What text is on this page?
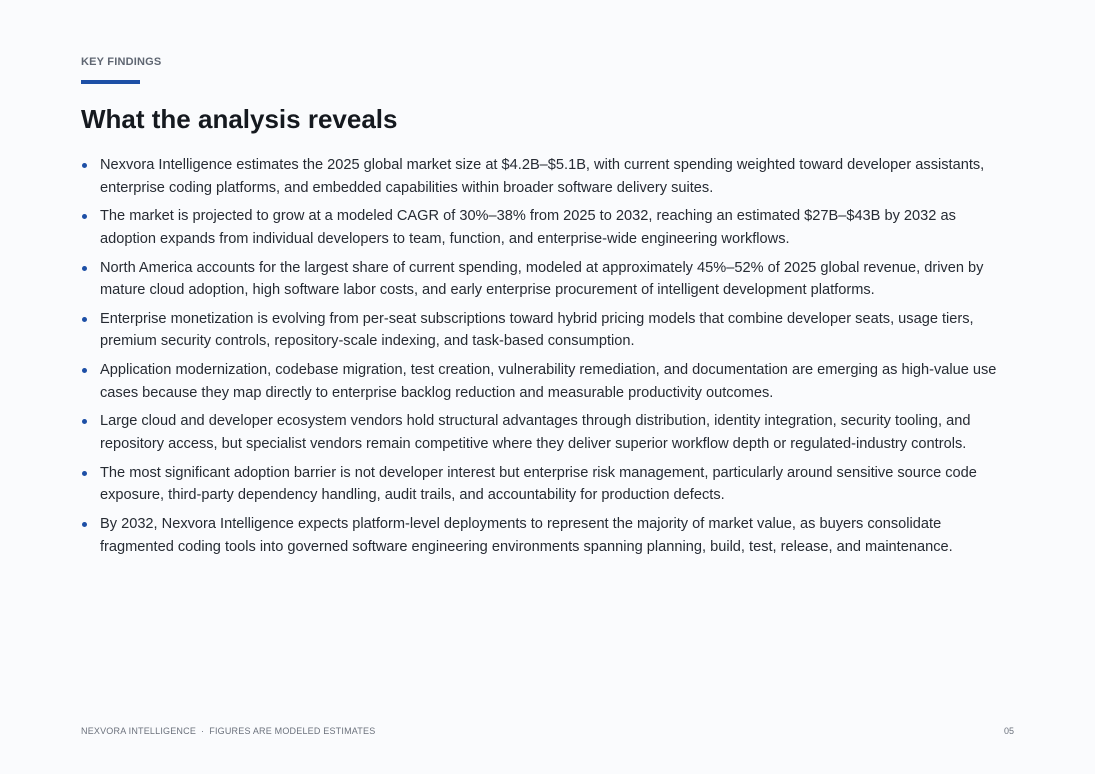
KEY FINDINGS
What the analysis reveals
Nexvora Intelligence estimates the 2025 global market size at $4.2B–$5.1B, with current spending weighted toward developer assistants, enterprise coding platforms, and embedded capabilities within broader software delivery suites.
The market is projected to grow at a modeled CAGR of 30%–38% from 2025 to 2032, reaching an estimated $27B–$43B by 2032 as adoption expands from individual developers to team, function, and enterprise-wide engineering workflows.
North America accounts for the largest share of current spending, modeled at approximately 45%–52% of 2025 global revenue, driven by mature cloud adoption, high software labor costs, and early enterprise procurement of intelligent development platforms.
Enterprise monetization is evolving from per-seat subscriptions toward hybrid pricing models that combine developer seats, usage tiers, premium security controls, repository-scale indexing, and task-based consumption.
Application modernization, codebase migration, test creation, vulnerability remediation, and documentation are emerging as high-value use cases because they map directly to enterprise backlog reduction and measurable productivity outcomes.
Large cloud and developer ecosystem vendors hold structural advantages through distribution, identity integration, security tooling, and repository access, but specialist vendors remain competitive where they deliver superior workflow depth or regulated-industry controls.
The most significant adoption barrier is not developer interest but enterprise risk management, particularly around sensitive source code exposure, third-party dependency handling, audit trails, and accountability for production defects.
By 2032, Nexvora Intelligence expects platform-level deployments to represent the majority of market value, as buyers consolidate fragmented coding tools into governed software engineering environments spanning planning, build, test, release, and maintenance.
NEXVORA INTELLIGENCE · FIGURES ARE MODELED ESTIMATES	05
